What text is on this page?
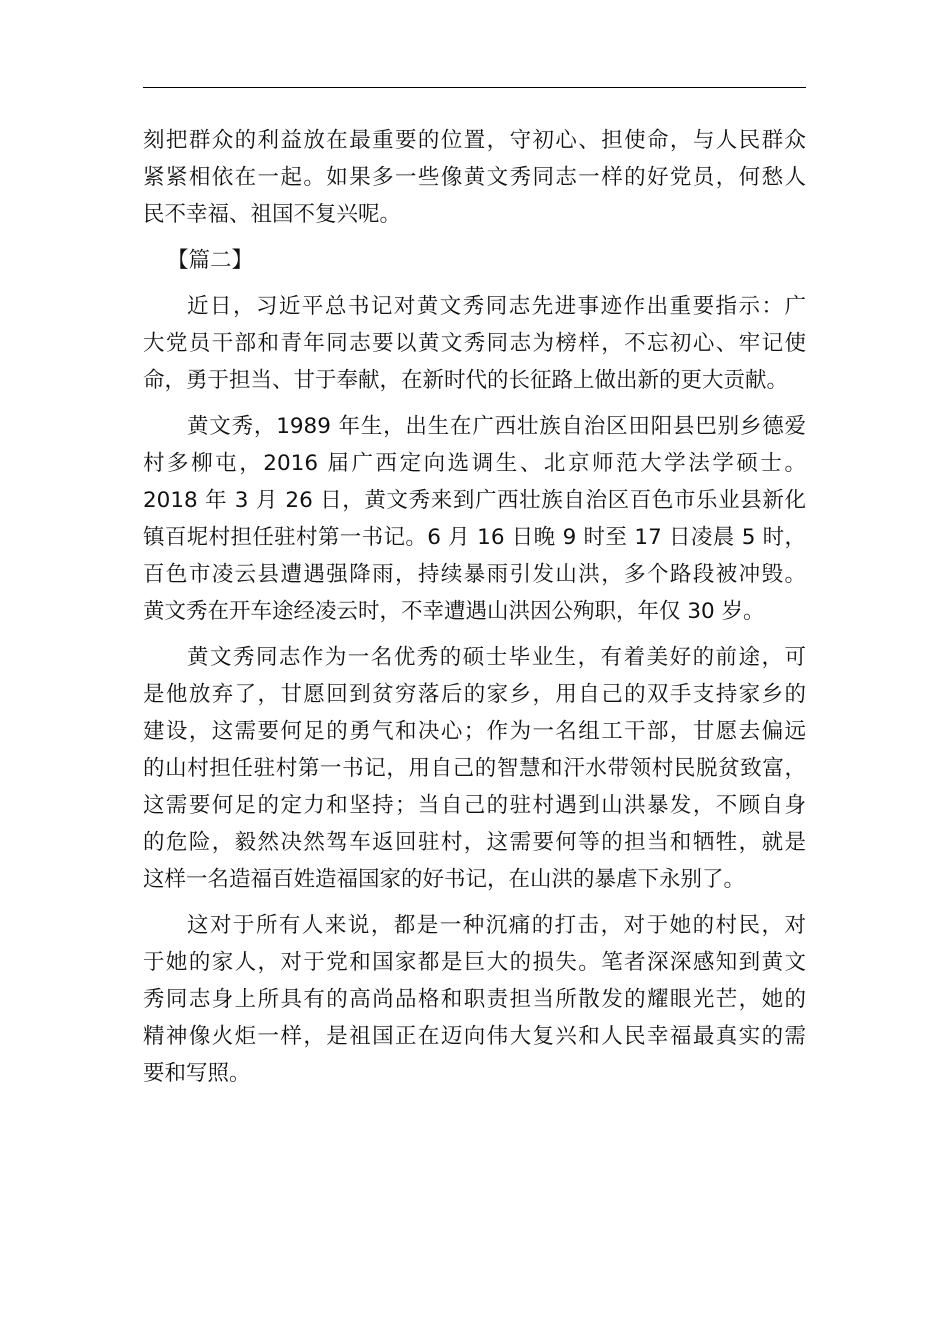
刻把群众的利益放在最重要的位置，守初心、担使命，与人民群众
紧紧相依在一起。如果多一些像黄文秀同志一样的好党员，何愁人
民不幸福、祖国不复兴呢。
【篇二】
近日，习近平总书记对黄文秀同志先进事迹作出重要指示：广
大党员干部和青年同志要以黄文秀同志为榜样，不忘初心、牢记使
命，勇于担当、甘于奉献，在新时代的长征路上做出新的更大贡献。
黄文秀，1989 年生，出生在广西壮族自治区田阳县巴别乡德爱
村多柳屯，2016 届广西定向选调生、北京师范大学法学硕士。
2018 年 3 月 26 日，黄文秀来到广西壮族自治区百色市乐业县新化
镇百坭村担任驻村第一书记。6 月 16 日晚 9 时至 17 日凌晨 5 时，
百色市凌云县遭遇强降雨，持续暴雨引发山洪，多个路段被冲毁。
黄文秀在开车途经凌云时，不幸遭遇山洪因公殉职，年仅 30 岁。
黄文秀同志作为一名优秀的硕士毕业生，有着美好的前途，可
是他放弃了，甘愿回到贫穷落后的家乡，用自己的双手支持家乡的
建设，这需要何足的勇气和决心；作为一名组工干部，甘愿去偏远
的山村担任驻村第一书记，用自己的智慧和汗水带领村民脱贫致富，
这需要何足的定力和坚持；当自己的驻村遇到山洪暴发，不顾自身
的危险，毅然决然驾车返回驻村，这需要何等的担当和牺牲，就是
这样一名造福百姓造福国家的好书记，在山洪的暴虐下永别了。
这对于所有人来说，都是一种沉痛的打击，对于她的村民，对
于她的家人，对于党和国家都是巨大的损失。笔者深深感知到黄文
秀同志身上所具有的高尚品格和职责担当所散发的耀眼光芒，她的
精神像火炬一样，是祖国正在迈向伟大复兴和人民幸福最真实的需
要和写照。
